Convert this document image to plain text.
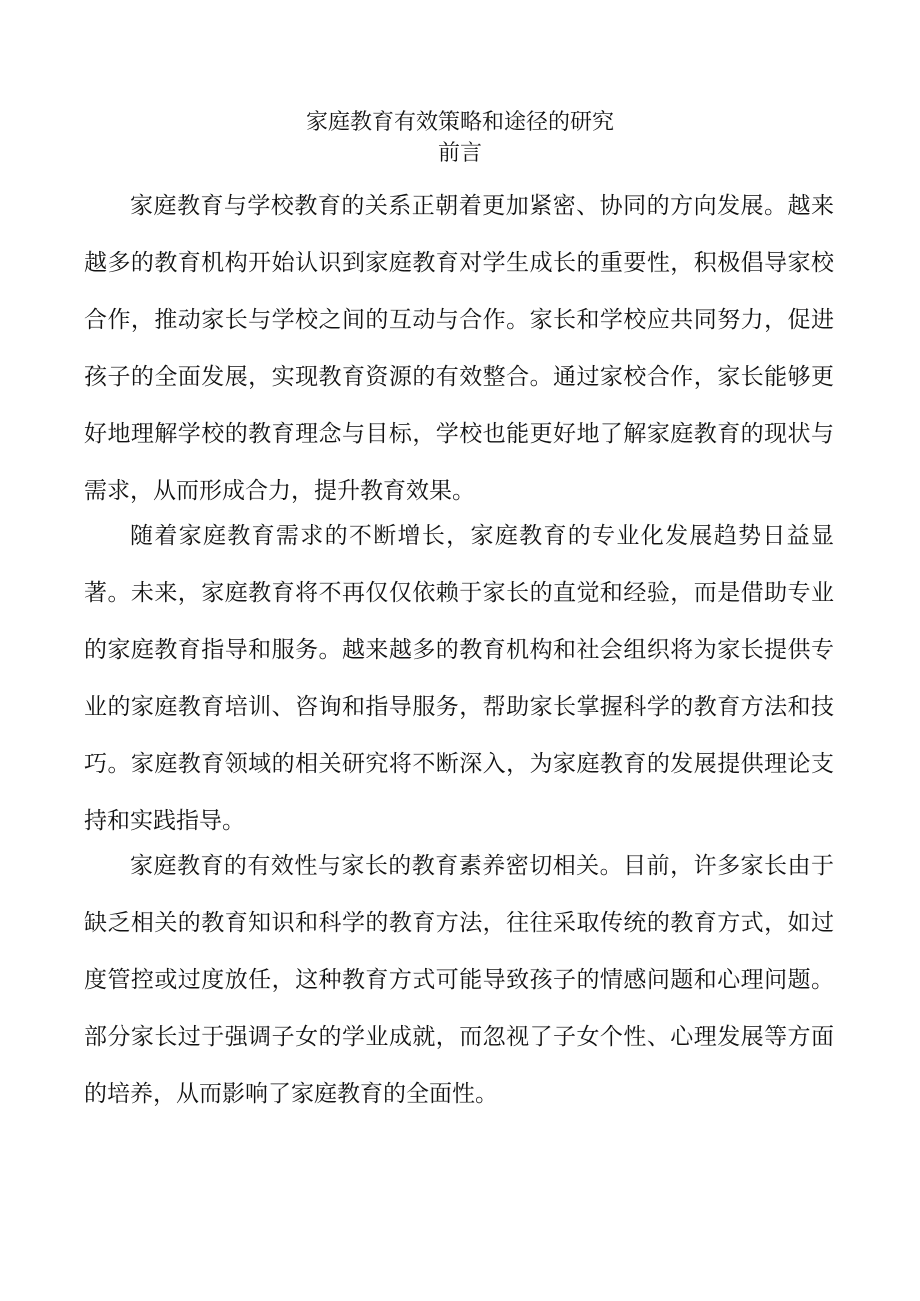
家庭教育有效策略和途径的研究
前言

家庭教育与学校教育的关系正朝着更加紧密、协同的方向发展。越来越多的教育机构开始认识到家庭教育对学生成长的重要性，积极倡导家校合作，推动家长与学校之间的互动与合作。家长和学校应共同努力，促进孩子的全面发展，实现教育资源的有效整合。通过家校合作，家长能够更好地理解学校的教育理念与目标，学校也能更好地了解家庭教育的现状与需求，从而形成合力，提升教育效果。

随着家庭教育需求的不断增长，家庭教育的专业化发展趋势日益显著。未来，家庭教育将不再仅仅依赖于家长的直觉和经验，而是借助专业的家庭教育指导和服务。越来越多的教育机构和社会组织将为家长提供专业的家庭教育培训、咨询和指导服务，帮助家长掌握科学的教育方法和技巧。家庭教育领域的相关研究将不断深入，为家庭教育的发展提供理论支持和实践指导。

家庭教育的有效性与家长的教育素养密切相关。目前，许多家长由于缺乏相关的教育知识和科学的教育方法，往往采取传统的教育方式，如过度管控或过度放任，这种教育方式可能导致孩子的情感问题和心理问题。部分家长过于强调子女的学业成就，而忽视了子女个性、心理发展等方面的培养，从而影响了家庭教育的全面性。
